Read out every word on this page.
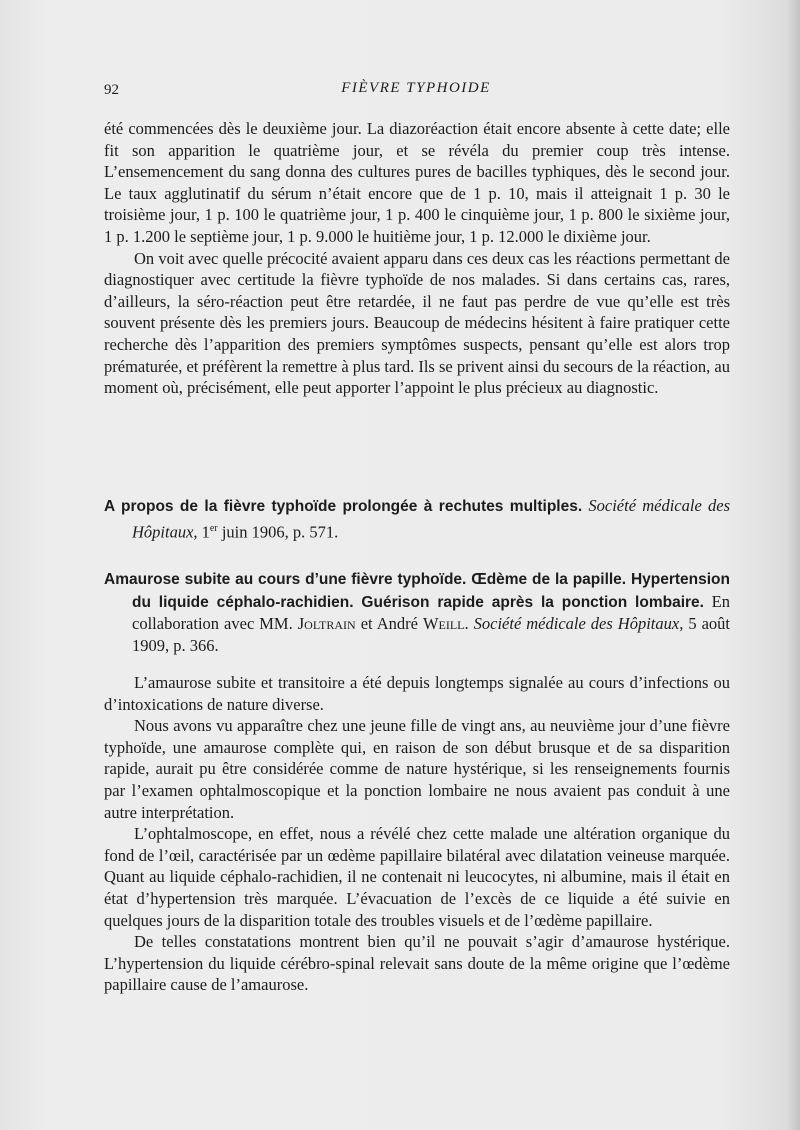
92	FIÈVRE TYPHOIDE

été commencées dès le deuxième jour. La diazoréaction était encore absente à cette date; elle fit son apparition le quatrième jour, et se révéla du premier coup très intense. L’ensemencement du sang donna des cultures pures de bacilles typhiques, dès le second jour. Le taux agglutinatif du sérum n’était encore que de 1 p. 10, mais il atteignait 1 p. 30 le troisième jour, 1 p. 100 le quatrième jour, 1 p. 400 le cinquième jour, 1 p. 800 le sixième jour, 1 p. 1.200 le septième jour, 1 p. 9.000 le huitième jour, 1 p. 12.000 le dixième jour.

On voit avec quelle précocité avaient apparu dans ces deux cas les réactions permettant de diagnostiquer avec certitude la fièvre typhoïde de nos malades. Si dans certains cas, rares, d’ailleurs, la séro-réaction peut être retardée, il ne faut pas perdre de vue qu’elle est très souvent présente dès les premiers jours. Beaucoup de médecins hésitent à faire pratiquer cette recherche dès l’apparition des premiers symptômes suspects, pensant qu’elle est alors trop prématurée, et préfèrent la remettre à plus tard. Ils se privent ainsi du secours de la réaction, au moment où, précisément, elle peut apporter l’appoint le plus précieux au diagnostic.

A propos de la fièvre typhoïde prolongée à rechutes multiples. Société médicale des Hôpitaux, 1er juin 1906, p. 571.

Amaurose subite au cours d’une fièvre typhoïde. Œdème de la papille. Hypertension du liquide céphalo-rachidien. Guérison rapide après la ponction lombaire. En collaboration avec MM. Joltrain et André Weill. Société médicale des Hôpitaux, 5 août 1909, p. 366.

L’amaurose subite et transitoire a été depuis longtemps signalée au cours d’infections ou d’intoxications de nature diverse.

Nous avons vu apparaître chez une jeune fille de vingt ans, au neuvième jour d’une fièvre typhoïde, une amaurose complète qui, en raison de son début brusque et de sa disparition rapide, aurait pu être considérée comme de nature hystérique, si les renseignements fournis par l’examen ophtalmoscopique et la ponction lombaire ne nous avaient pas conduit à une autre interprétation.

L’ophtalmoscope, en effet, nous a révélé chez cette malade une altération organique du fond de l’œil, caractérisée par un œdème papillaire bilatéral avec dilatation veineuse marquée. Quant au liquide céphalo-rachidien, il ne contenait ni leucocytes, ni albumine, mais il était en état d’hypertension très marquée. L’évacuation de l’excès de ce liquide a été suivie en quelques jours de la disparition totale des troubles visuels et de l’œdème papillaire.

De telles constatations montrent bien qu’il ne pouvait s’agir d’amaurose hystérique. L’hypertension du liquide cérébro-spinal relevait sans doute de la même origine que l’œdème papillaire cause de l’amaurose.
